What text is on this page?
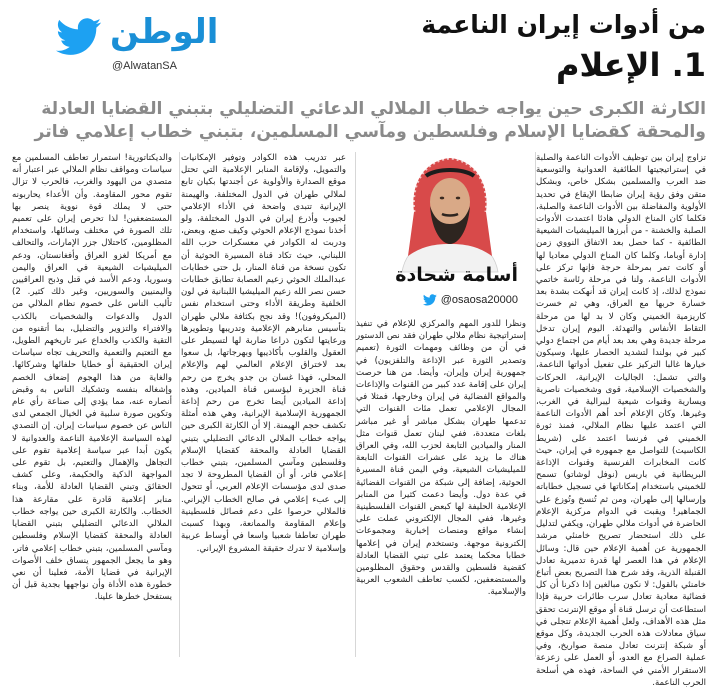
الوطن
@AlwatanSA
من أدوات إيران الناعمة
1. الإعلام
الكارثة الكبرى حين يواجه خطاب الملالي الدعائي التضليلي بتبني القضايا العادلة والمحقة كقضايا الإسلام وفلسطين ومآسي المسلمين، بتبني خطاب إعلامي فاتر

تزاوج إيران بين توظيف الأدوات الناعمة والصلبة في إستراتيجيتها الطائفية العدوانية والتوسعية ضد العرب والمسلمين بشكل خاص، وبشكل متقن وفق رؤية إيران ضابطا الإيقاع في تحديد الأولوية والمفاضلة بين الأدوات الناعمة والصلبة، فكلما كان المناخ الدولي هادئا اعتمدت الأدوات الصلبة والخشنة - من أبرزها الميليشيات الشيعية الطائفية - كما حصل بعد الاتفاق النووي زمن إدارة أوباما، وكلما كان المناخ الدولي معاديا لها أو كانت تمر بمرحلة حرجة فإنها تركز على الأدوات الناعمة، ولنا في مرحلة رئاسة خاتمي نموذج لذلك، إذ كانت إيران قد أنهكت بشدة بعد خسارة حربها مع العراق، وهي ثم خسرت كاريزمية الخميني وكان لا بد لها من مرحلة التقاط الأنفاس والتهدئة. اليوم إيران تدخل مرحلة جديدة وهي بعد بعد أيام من اجتماع دولي كبير في بولندا لتشديد الحصار عليها، وسيكون خيارها غالبا التركيز على تفعيل أدواتها الناعمة، والتي تشمل: الجاليات الإيرانية، الحركات والشخصيات الإسلامية، قوى وشخصيات ناصرية ويسارية وقنوات شيعية ليبرالية في الغرب، وغيرها. وكان الإعلام أحد أهم الأدوات الناعمة التي اعتمد عليها نظام الملالي، فمنذ ثورة الخميني في فرنسا اعتمد على (شريط الكاسيت) للتواصل مع جمهوره في إيران، حيث كانت المخابرات الفرنسية وقنوات الإذاعة البريطانية في باريس (نوفل لوشاتو) تسمح للخميني باستخدام إمكاناتها في تسجيل خطاباته وإرسالها إلى طهران، ومن ثم تُنسخ وتُوزع على الجماهير! ويقبت في الدوام مركزية الإعلام الحاضرة في أدوات ملالي طهران، ويكفي لتدليل على ذلك استحضار تصريح خامنئي مرشد الجمهورية عن أهمية الإعلام حين قال: وسائل الإعلام في هذا العصر لها قدرة تدميرية تعادل القنبلة الذرية، وقد شرح هذا التصريح بعض أتباع خامنئي بالقول: لا نكون مبالغين إذا ذكرنا أن كل فضائية معادية تعادل سرب طائرات حربية فإذا استطاعت أن ترسل قناة أو موقع الإنترنت تحقق مثل هذه الأهداف، ولعل أهمية الإعلام تتجلى في سياق معادلات هذه الحرب الجديدة، وكل موقع أو شبكة إنترنت تعادل منصة صواريخ، وفي عملية الصراع مع العدو، أو العمل على زعزعة الاستقرار الأمني في الساحة، فهذه هي أسلحة الحرب الناعمة.

أسامة شحادة
@osaosa20000

ونظرا للدور المهم والمركزي للإعلام في تنفيذ إستراتيجية نظام ملالي طهران فقد نص الدستور في أن من وظائف ومهمات الثورة (تعميم وتصدير الثورة عبر الإذاعة والتلفزيون) في جمهورية إيران وإيران، وأيضا. من هنا حرصت إيران على إقامة عدد كبير من القنوات والإذاعات والمواقع الفضائية في إيران وخارجها، فمثلا في المجال الإعلامي تعمل مئات القنوات التي تدعمها طهران بشكل مباشر أو غير مباشر بلغات متعددة، ففي لبنان تعمل قنوات مثل المنار والميادين التابعة لحزب الله، وفي العراق هناك ما يزيد على عشرات القنوات التابعة للميليشيات الشيعية، وفي اليمن قناة المسيرة الحوثية، إضافة إلى شبكة من القنوات الفضائية في عدة دول. وأيضا دعمت كثيرا من المنابر الإعلامية الحليفة لها كبعض القنوات الفلسطينية وغيرها، ففي المجال الإلكتروني عملت على إنشاء مواقع ومنصات إخبارية ومجموعات إلكترونية موجهة. وتستخدم إيران في إعلامها خطابا محكما يعتمد على تبني القضايا العادلة كقضية فلسطين والقدس وحقوق المظلومين والمستضعفين، لكسب تعاطف الشعوب العربية والإسلامية.

عبر تدريب هذه الكوادر وتوفير الإمكانيات والتمويل، ولإقامة المنابر الإعلامية التي تحتل موقع الصدارة والأولوية عن أجندتها بكيان تابع لملالي طهران في الدول المختلفة. والهيمنة الإيرانية تتبدى واضحة في الأداء الإعلامي لجيوب وأذرع إيران في الدول المختلفة، ولو أخذنا نموذج الإعلام الحوثي وكيف صنع، وبعض، ودربت له الكوادر في معسكرات حزب الله اللبناني، حيث تكاد قناة المسيرة الحوثية أن تكون نسخة من قناة المنار، بل حتى خطابات عبدالملك الحوثي زعيم العصابة تطابق خطابات حسن نصر الله زعيم الميليشيا اللبنانية في لون الخلفية وطريقة الأداء وحتى استخدام نفس (الميكروفون)! وقد نجح بكثافة ملالي طهران بتأسيس منابرهم الإعلامية وتدريبها وتطويرها ورعايتها لتكون ذراعا ضاربة لها لتسيطر على العقول والقلوب بأكاذيبها وبهرجاتها، بل سعوا بعد لاختراق الإعلام العالمي لهم والإعلام المحلي، فهذا غسان بن جدو يخرج من رحم قناة الجزيرة ليؤسس قناة الميادين، وهذه إذاعة الميادين أيضا تخرج من رحم إذاعة الجمهورية الإسلامية الإيرانية، وهي هذه أمثلة تكشف حجم الهيمنة. إلا أن الكارثة الكبرى حين يواجه خطاب الملالي الدعائي التضليلي بتبني القضايا العادلة والمحقة كقضايا الإسلام وفلسطين ومآسي المسلمين، بتبني خطاب إعلامي فاتر، أو أن القضايا المطروحة لا تجد صدى لدى مؤسسات الإعلام العربي، أو تتحول إلى عبء إعلامي في صالح الخطاب الإيراني. فالملالي حرصوا على دعم فصائل فلسطينية وإعلام المقاومة والممانعة، وبهذا كسبت طهران تعاطفا شعبيا واسعا في أوساط عربية وإسلامية لا تدرك حقيقة المشروع الإيراني.

والديكتاتورية! استمرار تعاطف المسلمين مع سياسات ومواقف نظام الملالي عبر اعتبار أنه متصدي من اليهود والغرب، فالحرب لا تزال تقوم محور المقاومة. وأن الأعداء يحاربونه حتى لا يملك قوة نووية ينصر بها المستضعفين! لذا تحرص إيران على تعميم تلك الصورة في مختلف وسائلها، واستخدام المظلومين، كاحتلال جزر الإمارات، والتحالف مع أمريكا لغزو العراق وأفغانستان، ودعم الميليشيات الشيعية في العراق واليمن وسوريا، ودعم الأسد في قتل وذبح العراقيين واليمنيين والسوريين، وغير ذلك كثير. 2) تأليب الناس على خصوم نظام الملالي من الدول والدعوات والشخصيات بالكذب والافتراء والتزوير والتضليل، بما أتقنوه من التقية والكذب والخداع عبر تاريخهم الطويل، مع التعتيم والتعمية والتحريف تجاه سياسات إيران الحقيقية أو خطايا حلفائها وشركائها. والغاية من هذا الهجوم إضعاف الخصم وإشغاله بنفسه وتشكيك الناس به وقبض أنصاره عنه، مما يؤدي إلى صناعة رأي عام وتكوين صورة سلبية في الخيال الجمعي لدى الناس عن خصوم سياسات إيران. إن التصدي لهذه السياسة الإعلامية الناعمة والعدوانية لا يكون أبدا عبر سياسة إعلامية تقوم على التجاهل والإهمال والتعتيم، بل تقوم على المواجهة الذكية والحكيمة، وعلى كشف الحقائق وتبني القضايا العادلة للأمة، وبناء منابر إعلامية قادرة على مقارعة هذا الخطاب. والكارثة الكبرى حين يواجه خطاب الملالي الدعائي التضليلي بتبني القضايا العادلة والمحقة كقضايا الإسلام وفلسطين ومآسي المسلمين، بتبني خطاب إعلامي فاتر، وهو ما يجعل الجمهور ينساق خلف الأصوات الإيرانية في قضايا الأمة، فعلينا أن نعي خطورة هذه الأداة وأن نواجهها بجدية قبل أن يستفحل خطرها علينا.
